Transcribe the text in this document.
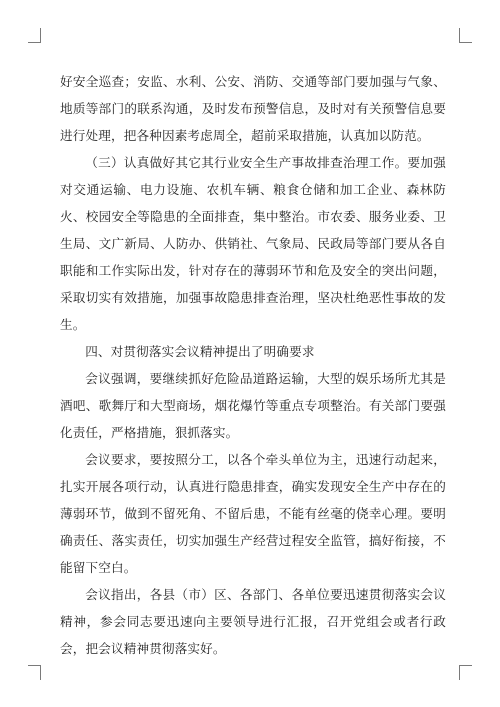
好安全巡查；安监、水利、公安、消防、交通等部门要加强与气象、地质等部门的联系沟通，及时发布预警信息，及时对有关预警信息要进行处理，把各种因素考虑周全，超前采取措施，认真加以防范。

（三）认真做好其它其行业安全生产事故排查治理工作。要加强对交通运输、电力设施、农机车辆、粮食仓储和加工企业、森林防火、校园安全等隐患的全面排查，集中整治。市农委、服务业委、卫生局、文广新局、人防办、供销社、气象局、民政局等部门要从各自职能和工作实际出发，针对存在的薄弱环节和危及安全的突出问题，采取切实有效措施，加强事故隐患排查治理，坚决杜绝恶性事故的发生。

四、对贯彻落实会议精神提出了明确要求

会议强调，要继续抓好危险品道路运输，大型的娱乐场所尤其是酒吧、歌舞厅和大型商场，烟花爆竹等重点专项整治。有关部门要强化责任，严格措施，狠抓落实。

会议要求，要按照分工，以各个牵头单位为主，迅速行动起来，扎实开展各项行动，认真进行隐患排查，确实发现安全生产中存在的薄弱环节，做到不留死角、不留后患，不能有丝毫的侥幸心理。要明确责任、落实责任，切实加强生产经营过程安全监管，搞好衔接，不能留下空白。

会议指出，各县（市）区、各部门、各单位要迅速贯彻落实会议精神，参会同志要迅速向主要领导进行汇报，召开党组会或者行政会，把会议精神贯彻落实好。
